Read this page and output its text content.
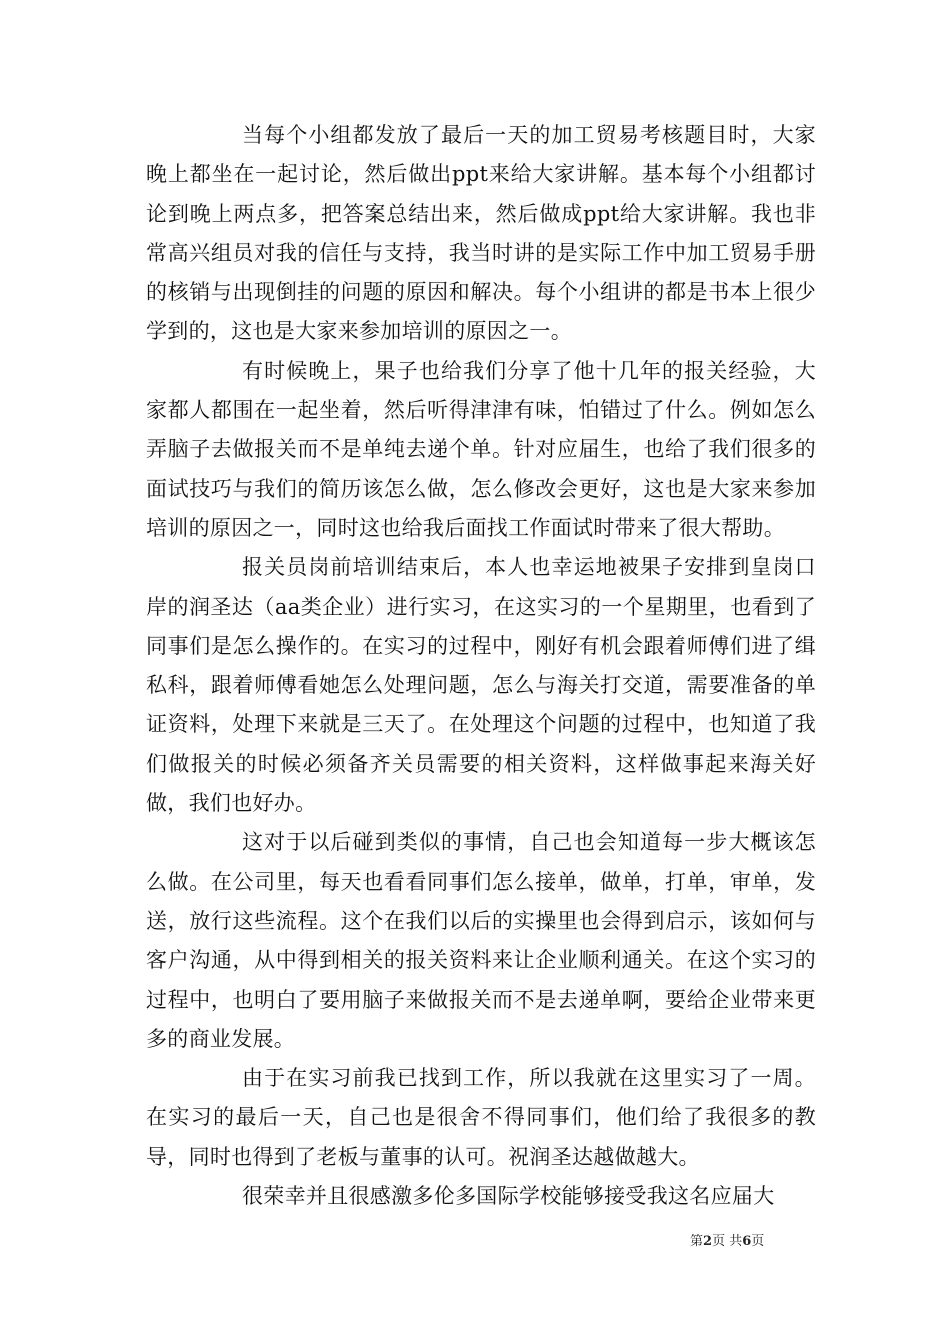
当每个小组都发放了最后一天的加工贸易考核题目时，大家晚上都坐在一起讨论，然后做出ppt来给大家讲解。基本每个小组都讨论到晚上两点多，把答案总结出来，然后做成ppt给大家讲解。我也非常高兴组员对我的信任与支持，我当时讲的是实际工作中加工贸易手册的核销与出现倒挂的问题的原因和解决。每个小组讲的都是书本上很少学到的，这也是大家来参加培训的原因之一。

有时候晚上，果子也给我们分享了他十几年的报关经验，大家都人都围在一起坐着，然后听得津津有味，怕错过了什么。例如怎么弄脑子去做报关而不是单纯去递个单。针对应届生，也给了我们很多的面试技巧与我们的简历该怎么做，怎么修改会更好，这也是大家来参加培训的原因之一，同时这也给我后面找工作面试时带来了很大帮助。

报关员岗前培训结束后，本人也幸运地被果子安排到皇岗口岸的润圣达（aa类企业）进行实习，在这实习的一个星期里，也看到了同事们是怎么操作的。在实习的过程中，刚好有机会跟着师傅们进了缉私科，跟着师傅看她怎么处理问题，怎么与海关打交道，需要准备的单证资料，处理下来就是三天了。在处理这个问题的过程中，也知道了我们做报关的时候必须备齐关员需要的相关资料，这样做事起来海关好做，我们也好办。

这对于以后碰到类似的事情，自己也会知道每一步大概该怎么做。在公司里，每天也看看同事们怎么接单，做单，打单，审单，发送，放行这些流程。这个在我们以后的实操里也会得到启示，该如何与客户沟通，从中得到相关的报关资料来让企业顺利通关。在这个实习的过程中，也明白了要用脑子来做报关而不是去递单啊，要给企业带来更多的商业发展。

由于在实习前我已找到工作，所以我就在这里实习了一周。在实习的最后一天，自己也是很舍不得同事们，他们给了我很多的教导，同时也得到了老板与董事的认可。祝润圣达越做越大。

很荣幸并且很感激多伦多国际学校能够接受我这名应届大

第2页 共6页
